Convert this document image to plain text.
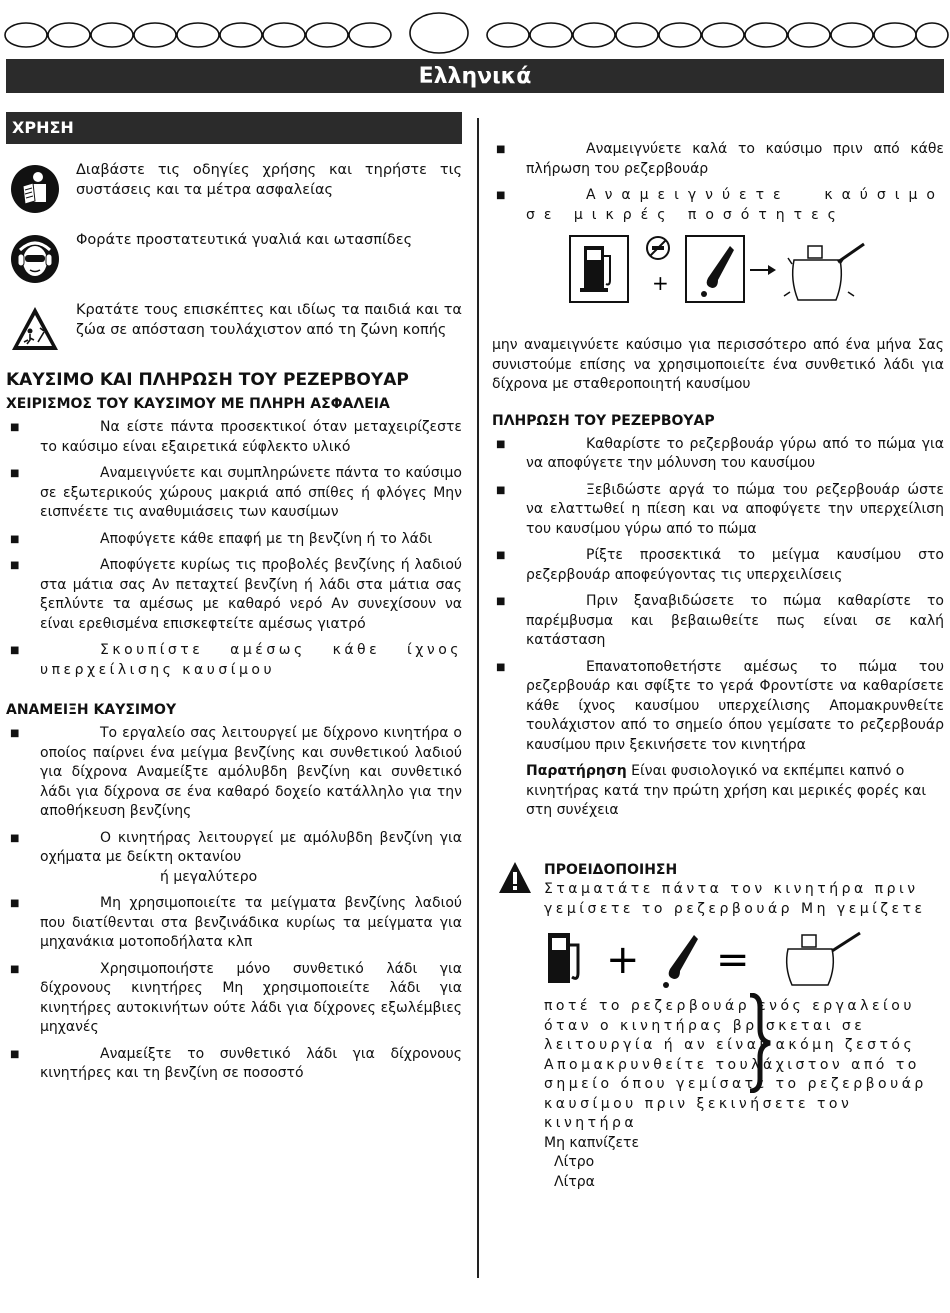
Ελληνικά
ΧΡΗΣΗ

Διαβάστε τις οδηγίες χρήσης και τηρήστε τις συστάσεις και τα μέτρα ασφαλείας

Φοράτε προστατευτικά γυαλιά και ωτασπίδες

Κρατάτε τους επισκέπτες και ιδίως τα παιδιά και τα ζώα σε απόσταση τουλάχιστον από τη ζώνη κοπής

ΚΑΥΣΙΜΟ ΚΑΙ ΠΛΗΡΩΣΗ ΤΟΥ ΡΕΖΕΡΒΟΥΑΡ
ΧΕΙΡΙΣΜΟΣ ΤΟΥ ΚΑΥΣΙΜΟΥ ΜΕ ΠΛΗΡΗ ΑΣΦΑΛΕΙΑ
■	Να είστε πάντα προσεκτικοί όταν μεταχειρίζεστε το καύσιμο είναι εξαιρετικά εύφλεκτο υλικό
■	Αναμειγνύετε και συμπληρώνετε πάντα το καύσιμο σε εξωτερικούς χώρους μακριά από σπίθες ή φλόγες Μην εισπνέετε τις αναθυμιάσεις των καυσίμων
■	Αποφύγετε κάθε επαφή με τη βενζίνη ή το λάδι
■	Αποφύγετε κυρίως τις προβολές βενζίνης ή λαδιού στα μάτια σας Αν πεταχτεί βενζίνη ή λάδι στα μάτια σας ξεπλύντε τα αμέσως με καθαρό νερό Αν συνεχίσουν να είναι ερεθισμένα επισκεφτείτε αμέσως γιατρό
■	Σκουπίστε αμέσως κάθε ίχνος υπερχείλισης καυσίμου
ΑΝΑΜΕΙΞΗ ΚΑΥΣΙΜΟΥ
■	Το εργαλείο σας λειτουργεί με δίχρονο κινητήρα ο οποίος παίρνει ένα μείγμα βενζίνης και συνθετικού λαδιού για δίχρονα Αναμείξτε αμόλυβδη βενζίνη και συνθετικό λάδι για δίχρονα σε ένα καθαρό δοχείο κατάλληλο για την αποθήκευση βενζίνης
■	Ο κινητήρας λειτουργεί με αμόλυβδη βενζίνη για οχήματα με δείκτη οκτανίου
ή μεγαλύτερο
■	Μη χρησιμοποιείτε τα μείγματα βενζίνης λαδιού που διατίθενται στα βενζινάδικα κυρίως τα μείγματα για μηχανάκια μοτοποδήλατα κλπ
■	Χρησιμοποιήστε μόνο συνθετικό λάδι για δίχρονους κινητήρες Μη χρησιμοποιείτε λάδι για κινητήρες αυτοκινήτων ούτε λάδι για δίχρονες εξωλέμβιες μηχανές
■	Αναμείξτε το συνθετικό λάδι για δίχρονους κινητήρες και τη βενζίνη σε ποσοστό
■	Αναμειγνύετε καλά το καύσιμο πριν από κάθε πλήρωση του ρεζερβουάρ
■	Αναμειγνύετε καύσιμο σε μικρές ποσότητες
+

μην αναμειγνύετε καύσιμο για περισσότερο από ένα μήνα Σας συνιστούμε επίσης να χρησιμοποιείτε ένα συνθετικό λάδι για δίχρονα με σταθεροποιητή καυσίμου

ΠΛΗΡΩΣΗ ΤΟΥ ΡΕΖΕΡΒΟΥΑΡ
■	Καθαρίστε το ρεζερβουάρ γύρω από το πώμα για να αποφύγετε την μόλυνση του καυσίμου
■	Ξεβιδώστε αργά το πώμα του ρεζερβουάρ ώστε να ελαττωθεί η πίεση και να αποφύγετε την υπερχείλιση του καυσίμου γύρω από το πώμα
■	Ρίξτε προσεκτικά το μείγμα καυσίμου στο ρεζερβουάρ αποφεύγοντας τις υπερχειλίσεις
■	Πριν ξαναβιδώσετε το πώμα καθαρίστε το παρέμβυσμα και βεβαιωθείτε πως είναι σε καλή κατάσταση
■	Επανατοποθετήστε αμέσως το πώμα του ρεζερβουάρ και σφίξτε το γερά Φροντίστε να καθαρίσετε κάθε ίχνος καυσίμου υπερχείλισης Απομακρυνθείτε τουλάχιστον από το σημείο όπου γεμίσατε το ρεζερβουάρ καυσίμου πριν ξεκινήσετε τον κινητήρα

Παρατήρηση Είναι φυσιολογικό να εκπέμπει καπνό ο κινητήρας κατά την πρώτη χρήση και μερικές φορές και στη συνέχεια

ΠΡΟΕΙΔΟΠΟΙΗΣΗ
Σταματάτε πάντα τον κινητήρα πριν γεμίσετε το ρεζερβουάρ Μη γεμίζετε
+ =
ποτέ το ρεζερβουάρ ενός εργαλείου όταν ο κινητήρας βρίσκεται σε λειτουργία ή αν είναι ακόμη ζεστός Απομακρυνθείτε τουλάχιστον από το σημείο όπου γεμίσατε το ρεζερβουάρ καυσίμου πριν ξεκινήσετε τον κινητήρα
Μη καπνίζετε
Λίτρο
Λίτρα
